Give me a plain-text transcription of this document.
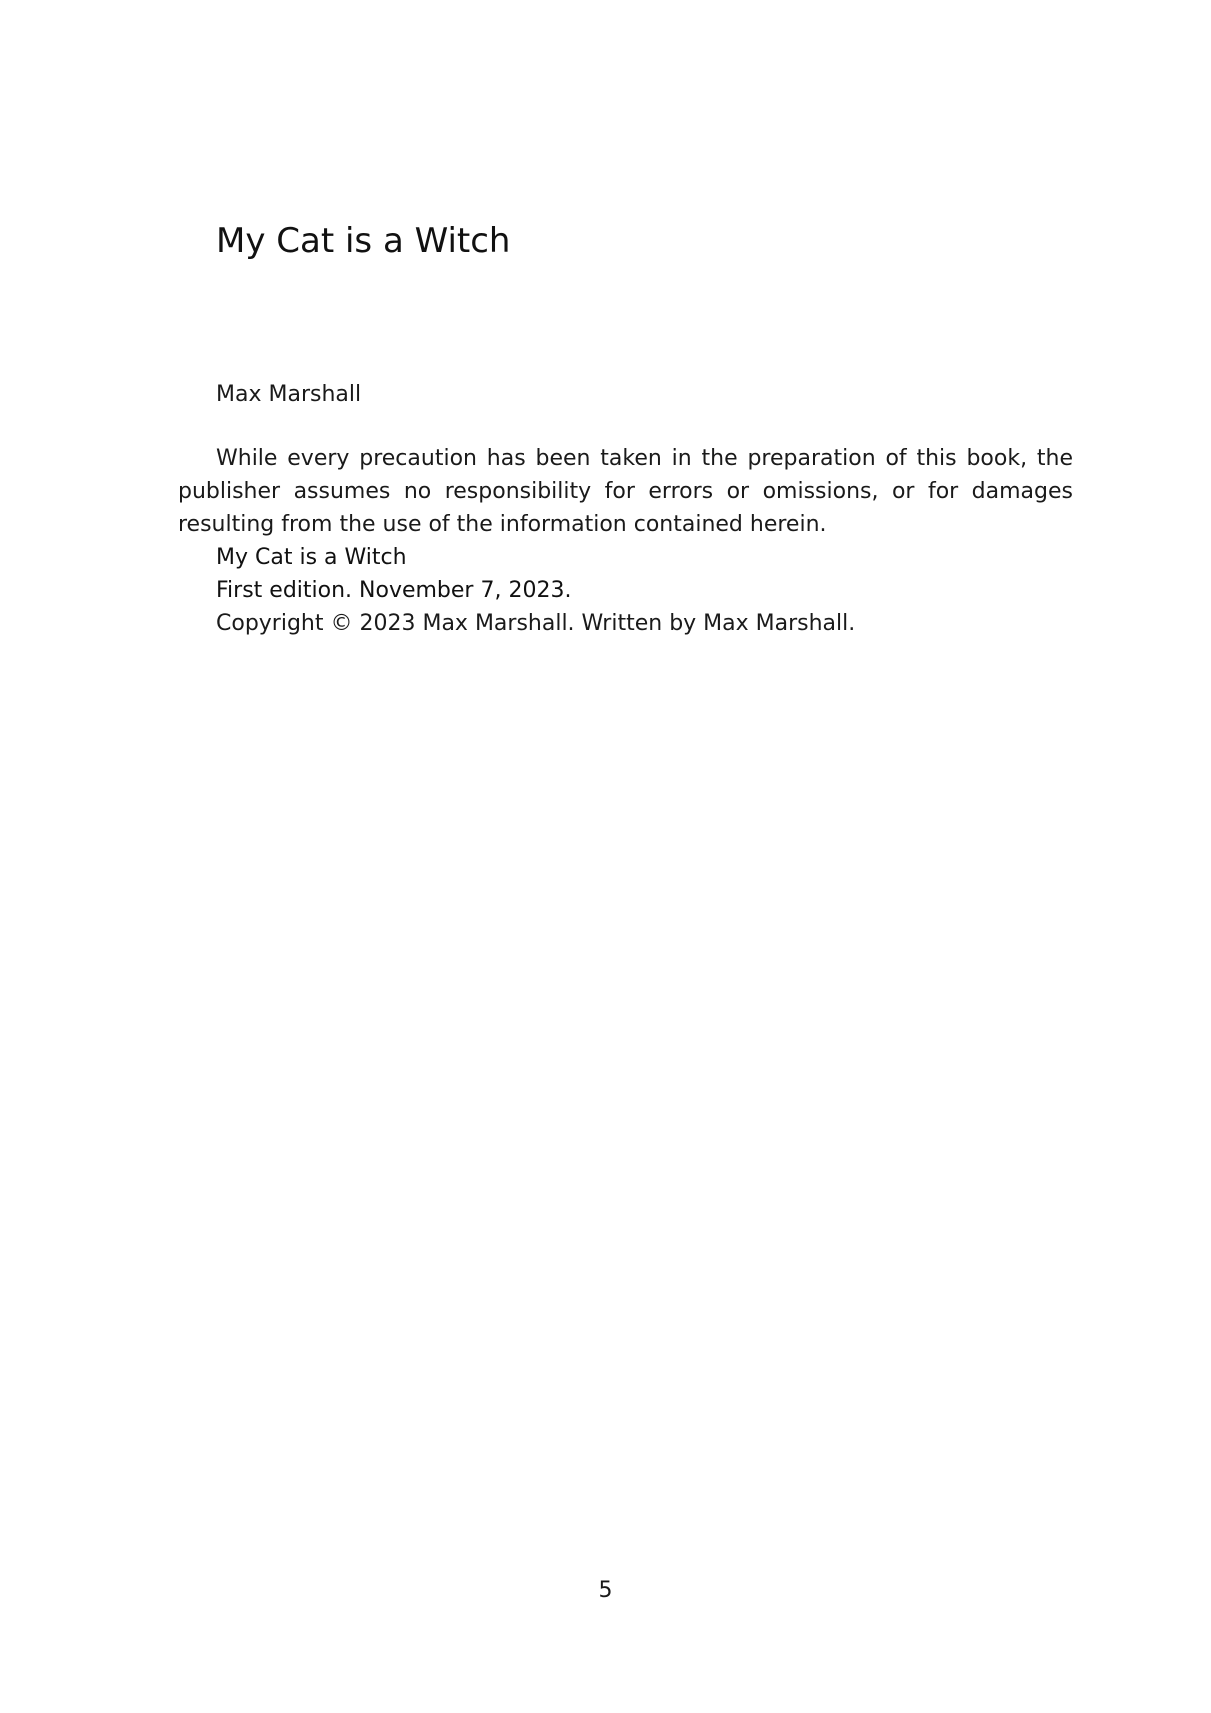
My Cat is a Witch

Max Marshall

While every precaution has been taken in the preparation of this book, the publisher assumes no responsibility for errors or omissions, or for damages resulting from the use of the information contained herein.

My Cat is a Witch

First edition. November 7, 2023.

Copyright © 2023 Max Marshall. Written by Max Marshall.

5
